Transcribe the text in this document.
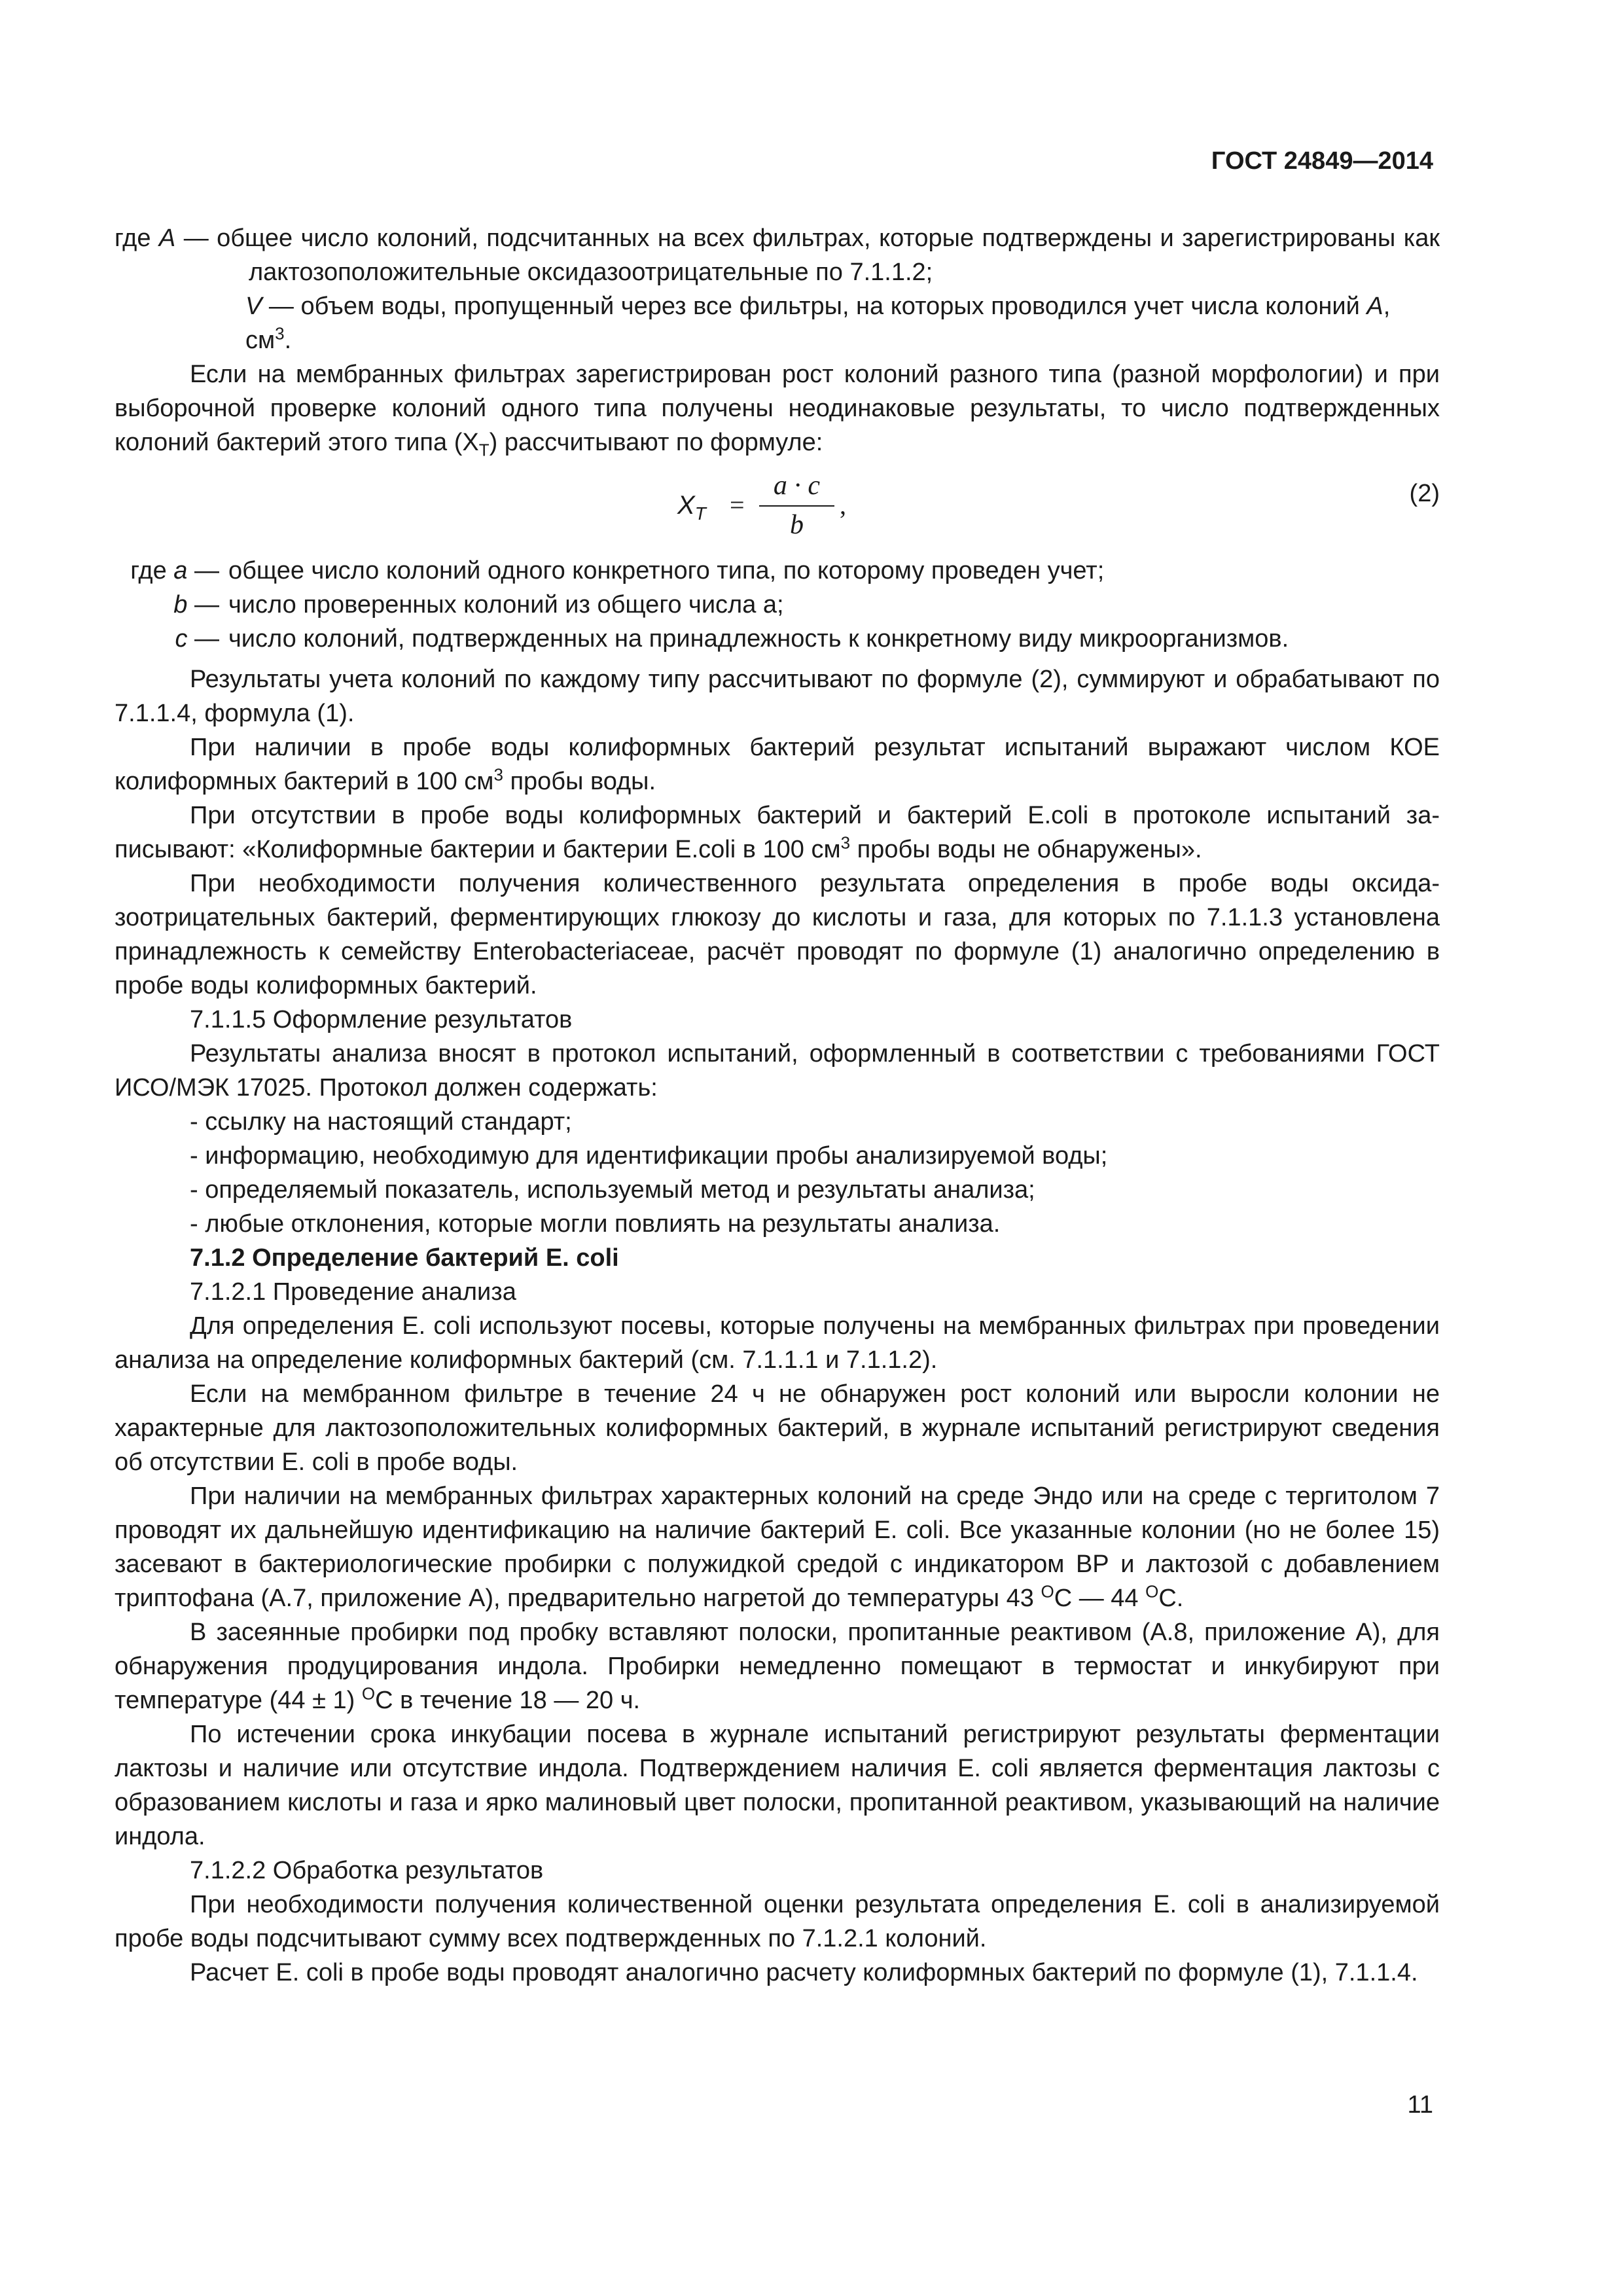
ГОСТ 24849—2014

где А — общее число колоний, подсчитанных на всех фильтрах, которые подтверждены и зарегистрированы как лактозоположительные оксидазоотрицательные по 7.1.1.2;

V — объем воды, пропущенный через все фильтры, на которых проводился учет числа колоний А, $см^3$.

Если на мембранных фильтрах зарегистрирован рост колоний разного типа (разной морфологии) и при выборочной проверке колоний одного типа получены неодинаковые результаты, то число подтвержденных колоний бактерий этого типа $(Х_Т)$ рассчитывают по формуле:

$Х_Т = \frac{a \cdot c}{b}$ ,	(2)
где a — общее число колоний одного конкретного типа, по которому проведен учет;
b — число проверенных колоний из общего числа a;
c — число колоний, подтвержденных на принадлежность к конкретному виду микроорганизмов.

Результаты учета колоний по каждому типу рассчитывают по формуле (2), суммируют и обрабатывают по 7.1.1.4, формула (1).

При наличии в пробе воды колиформных бактерий результат испытаний выражают числом КОЕ колиформных бактерий в 100 $см^3$ пробы воды.

При отсутствии в пробе воды колиформных бактерий и бактерий E.coli в протоколе испытаний записывают: «Колиформные бактерии и бактерии E.coli в 100 $см^3$ пробы воды не обнаружены».

При необходимости получения количественного результата определения в пробе воды оксидазоотрицательных бактерий, ферментирующих глюкозу до кислоты и газа, для которых по 7.1.1.3 установлена принадлежность к семейству Enterobacteriaceae, расчёт проводят по формуле (1) аналогично определению в пробе воды колиформных бактерий.

7.1.1.5 Оформление результатов

Результаты анализа вносят в протокол испытаний, оформленный в соответствии с требованиями ГОСТ ИСО/МЭК 17025. Протокол должен содержать:

- ссылку на настоящий стандарт;

- информацию, необходимую для идентификации пробы анализируемой воды;

- определяемый показатель, используемый метод и результаты анализа;

- любые отклонения, которые могли повлиять на результаты анализа.

7.1.2 Определение бактерий E. coli

7.1.2.1 Проведение анализа

Для определения E. coli используют посевы, которые получены на мембранных фильтрах при проведении анализа на определение колиформных бактерий (см. 7.1.1.1 и 7.1.1.2).

Если на мембранном фильтре в течение 24 ч не обнаружен рост колоний или выросли колонии не характерные для лактозоположительных колиформных бактерий, в журнале испытаний регистрируют сведения об отсутствии E. coli в пробе воды.

При наличии на мембранных фильтрах характерных колоний на среде Эндо или на среде с тергитолом 7 проводят их дальнейшую идентификацию на наличие бактерий E. coli. Все указанные колонии (но не более 15) засевают в бактериологические пробирки с полужидкой средой с индикатором ВР и лактозой с добавлением триптофана (А.7, приложение А), предварительно нагретой до температуры 43 $^О$С — 44 $^О$С.

В засеянные пробирки под пробку вставляют полоски, пропитанные реактивом (А.8, приложение А), для обнаружения продуцирования индола. Пробирки немедленно помещают в термостат и инкубируют при температуре (44 ± 1) $^О$С в течение 18 — 20 ч.

По истечении срока инкубации посева в журнале испытаний регистрируют результаты ферментации лактозы и наличие или отсутствие индола. Подтверждением наличия E. coli является ферментация лактозы с образованием кислоты и газа и ярко малиновый цвет полоски, пропитанной реактивом, указывающий на наличие индола.

7.1.2.2 Обработка результатов

При необходимости получения количественной оценки результата определения E. coli в анализируемой пробе воды подсчитывают сумму всех подтвержденных по 7.1.2.1 колоний.

Расчет E. coli в пробе воды проводят аналогично расчету колиформных бактерий по формуле (1), 7.1.1.4.

11
